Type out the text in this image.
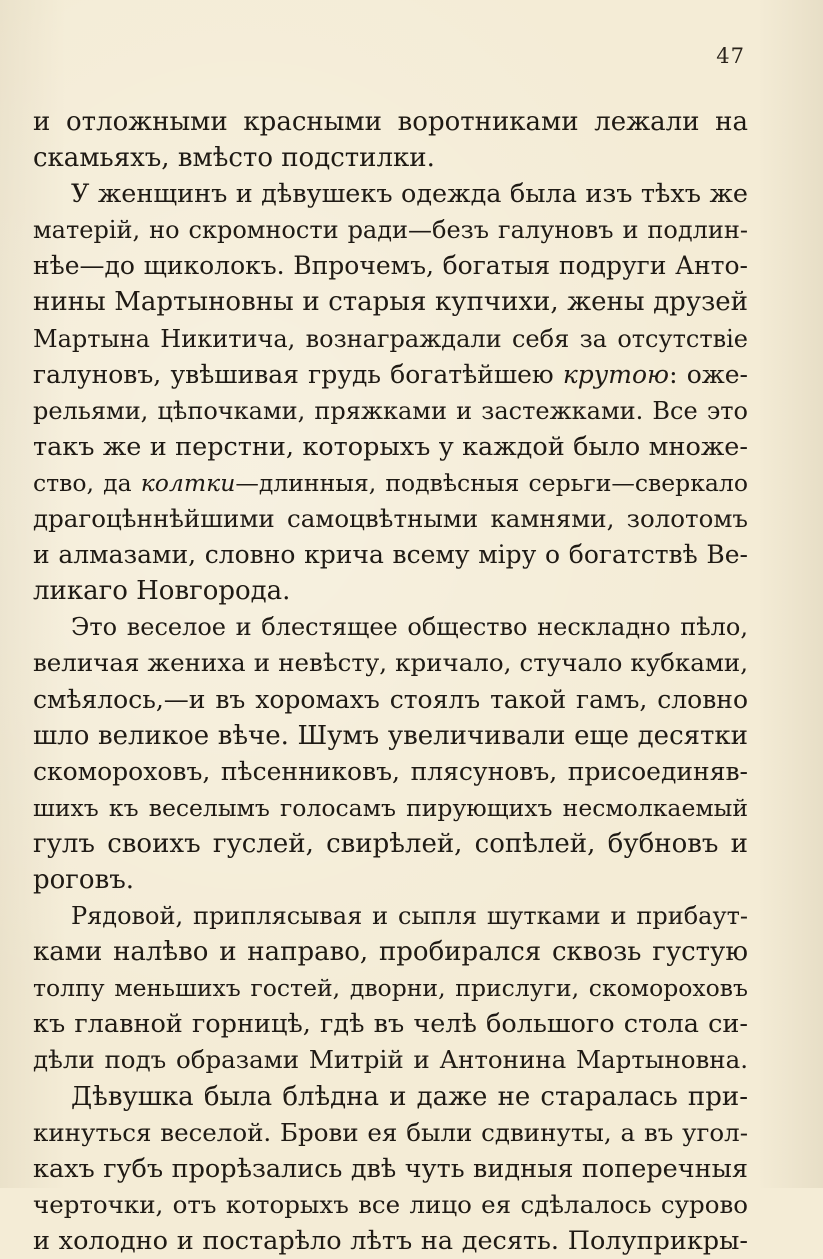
47
и отложными красными воротниками лежали на
скамьяхъ, вмѣсто подстилки.
У женщинъ и дѣвушекъ одежда была изъ тѣхъ же
матерій, но скромности ради—безъ галуновъ и подлин-
нѣе—до щиколокъ. Впрочемъ, богатыя подруги Анто-
нины Мартыновны и старыя купчихи, жены друзей
Мартына Никитича, вознаграждали себя за отсутствіе
галуновъ, увѣшивая грудь богатѣйшею крутою: оже-
рельями, цѣпочками, пряжками и застежками. Все это
такъ же и перстни, которыхъ у каждой было множе-
ство, да колтки—длинныя, подвѣсныя серьги—сверкало
драгоцѣннѣйшими самоцвѣтными камнями, золотомъ
и алмазами, словно крича всему міру о богатствѣ Ве-
ликаго Новгорода.
Это веселое и блестящее общество нескладно пѣло,
величая жениха и невѣсту, кричало, стучало кубками,
смѣялось,—и въ хоромахъ стоялъ такой гамъ, словно
шло великое вѣче. Шумъ увеличивали еще десятки
скомороховъ, пѣсенниковъ, плясуновъ, присоединяв-
шихъ къ веселымъ голосамъ пирующихъ несмолкаемый
гулъ своихъ гуслей, свирѣлей, сопѣлей, бубновъ и
роговъ.
Рядовой, приплясывая и сыпля шутками и прибаут-
ками налѣво и направо, пробирался сквозь густую
толпу меньшихъ гостей, дворни, прислуги, скомороховъ
къ главной горницѣ, гдѣ въ челѣ большого стола си-
дѣли подъ образами Митрій и Антонина Мартыновна.
Дѣвушка была блѣдна и даже не старалась при-
кинуться веселой. Брови ея были сдвинуты, а въ угол-
кахъ губъ прорѣзались двѣ чуть видныя поперечныя
черточки, отъ которыхъ все лицо ея сдѣлалось сурово
и холодно и постарѣло лѣтъ на десять. Полуприкры-
